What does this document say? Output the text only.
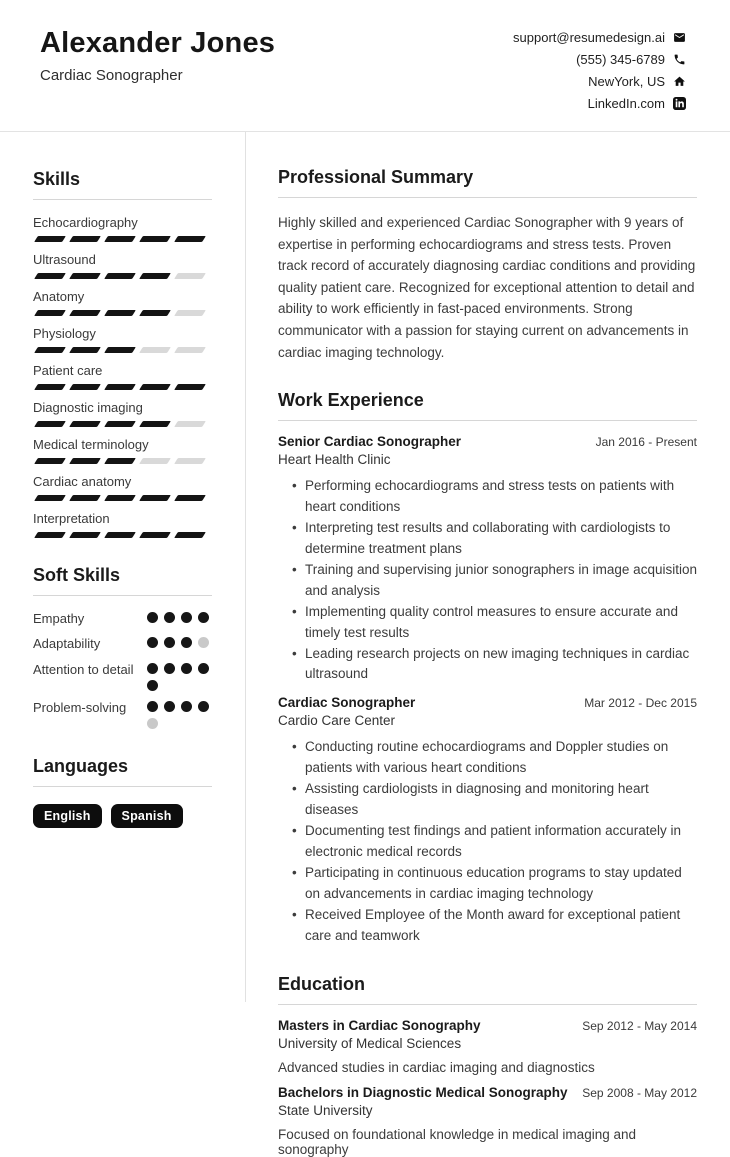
Alexander Jones
Cardiac Sonographer
support@resumedesign.ai
(555) 345-6789
NewYork, US
LinkedIn.com
Skills
Echocardiography
Ultrasound
Anatomy
Physiology
Patient care
Diagnostic imaging
Medical terminology
Cardiac anatomy
Interpretation
Soft Skills
Empathy
Adaptability
Attention to detail
Problem-solving
Languages
English	Spanish
Professional Summary

Highly skilled and experienced Cardiac Sonographer with 9 years of expertise in performing echocardiograms and stress tests. Proven track record of accurately diagnosing cardiac conditions and providing quality patient care. Recognized for exceptional attention to detail and ability to work efficiently in fast-paced environments. Strong communicator with a passion for staying current on advancements in cardiac imaging technology.

Work Experience
Senior Cardiac Sonographer	Jan 2016 - Present
Heart Health Clinic
• Performing echocardiograms and stress tests on patients with heart conditions
• Interpreting test results and collaborating with cardiologists to determine treatment plans
• Training and supervising junior sonographers in image acquisition and analysis
• Implementing quality control measures to ensure accurate and timely test results
• Leading research projects on new imaging techniques in cardiac ultrasound
Cardiac Sonographer	Mar 2012 - Dec 2015
Cardio Care Center
• Conducting routine echocardiograms and Doppler studies on patients with various heart conditions
• Assisting cardiologists in diagnosing and monitoring heart diseases
• Documenting test findings and patient information accurately in electronic medical records
• Participating in continuous education programs to stay updated on advancements in cardiac imaging technology
• Received Employee of the Month award for exceptional patient care and teamwork
Education
Masters in Cardiac Sonography	Sep 2012 - May 2014
University of Medical Sciences
Advanced studies in cardiac imaging and diagnostics
Bachelors in Diagnostic Medical Sonography Sep 2008 - May 2012
State University
Focused on foundational knowledge in medical imaging and sonography
